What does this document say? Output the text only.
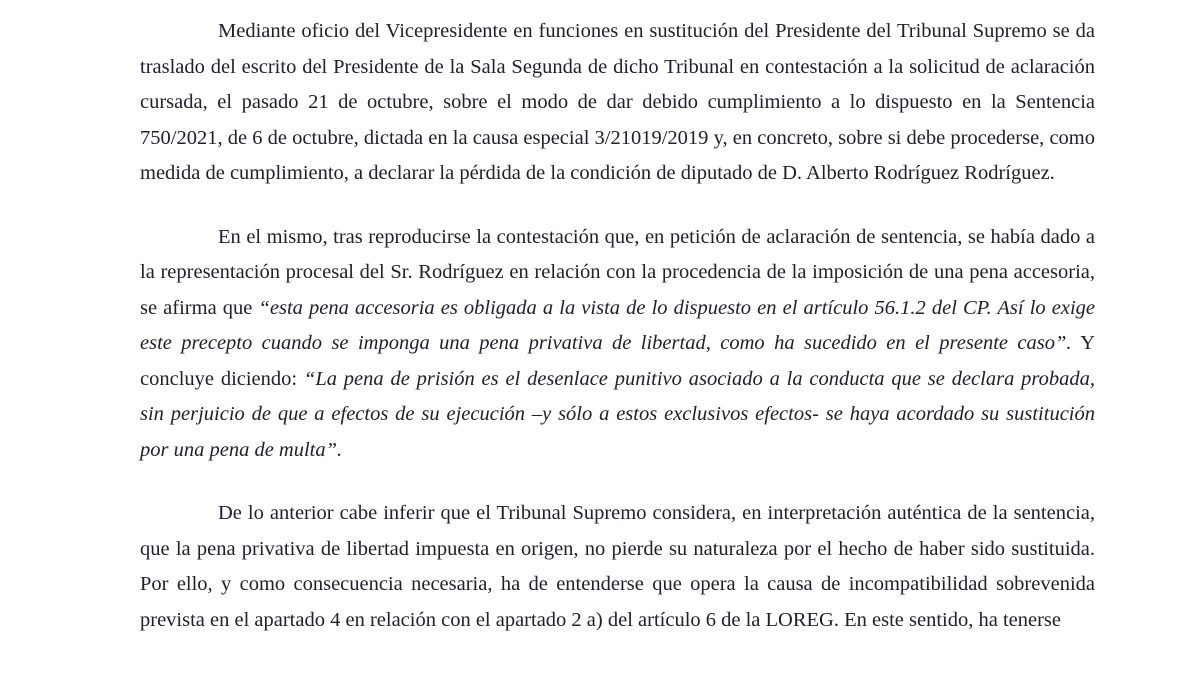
Mediante oficio del Vicepresidente en funciones en sustitución del Presidente del Tribunal Supremo se da traslado del escrito del Presidente de la Sala Segunda de dicho Tribunal en contestación a la solicitud de aclaración cursada, el pasado 21 de octubre, sobre el modo de dar debido cumplimiento a lo dispuesto en la Sentencia 750/2021, de 6 de octubre, dictada en la causa especial 3/21019/2019 y, en concreto, sobre si debe procederse, como medida de cumplimiento, a declarar la pérdida de la condición de diputado de D. Alberto Rodríguez Rodríguez.

En el mismo, tras reproducirse la contestación que, en petición de aclaración de sentencia, se había dado a la representación procesal del Sr. Rodríguez en relación con la procedencia de la imposición de una pena accesoria, se afirma que “esta pena accesoria es obligada a la vista de lo dispuesto en el artículo 56.1.2 del CP. Así lo exige este precepto cuando se imponga una pena privativa de libertad, como ha sucedido en el presente caso”. Y concluye diciendo: “La pena de prisión es el desenlace punitivo asociado a la conducta que se declara probada, sin perjuicio de que a efectos de su ejecución –y sólo a estos exclusivos efectos- se haya acordado su sustitución por una pena de multa”.

De lo anterior cabe inferir que el Tribunal Supremo considera, en interpretación auténtica de la sentencia, que la pena privativa de libertad impuesta en origen, no pierde su naturaleza por el hecho de haber sido sustituida. Por ello, y como consecuencia necesaria, ha de entenderse que opera la causa de incompatibilidad sobrevenida prevista en el apartado 4 en relación con el apartado 2 a) del artículo 6 de la LOREG. En este sentido, ha tenerse
